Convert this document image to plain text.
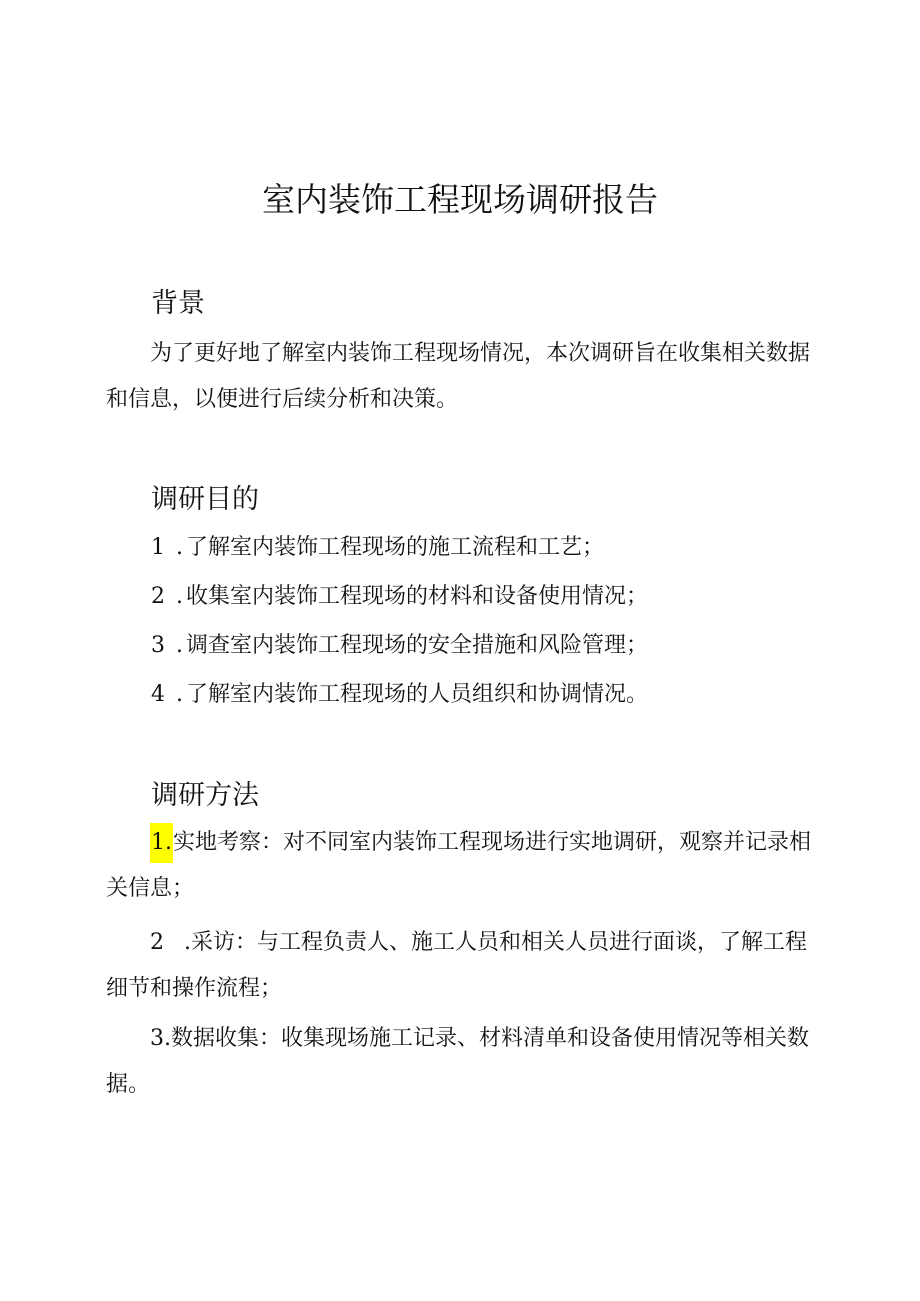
室内装饰工程现场调研报告
背景
为了更好地了解室内装饰工程现场情况，本次调研旨在收集相关数据和信息，以便进行后续分析和决策。
调研目的
1 . 了解室内装饰工程现场的施工流程和工艺；
2 . 收集室内装饰工程现场的材料和设备使用情况；
3 . 调查室内装饰工程现场的安全措施和风险管理；
4 . 了解室内装饰工程现场的人员组织和协调情况。
调研方法
1.实地考察：对不同室内装饰工程现场进行实地调研，观察并记录相关信息；
2 .采访：与工程负责人、施工人员和相关人员进行面谈，了解工程细节和操作流程；
3.数据收集：收集现场施工记录、材料清单和设备使用情况等相关数据。
